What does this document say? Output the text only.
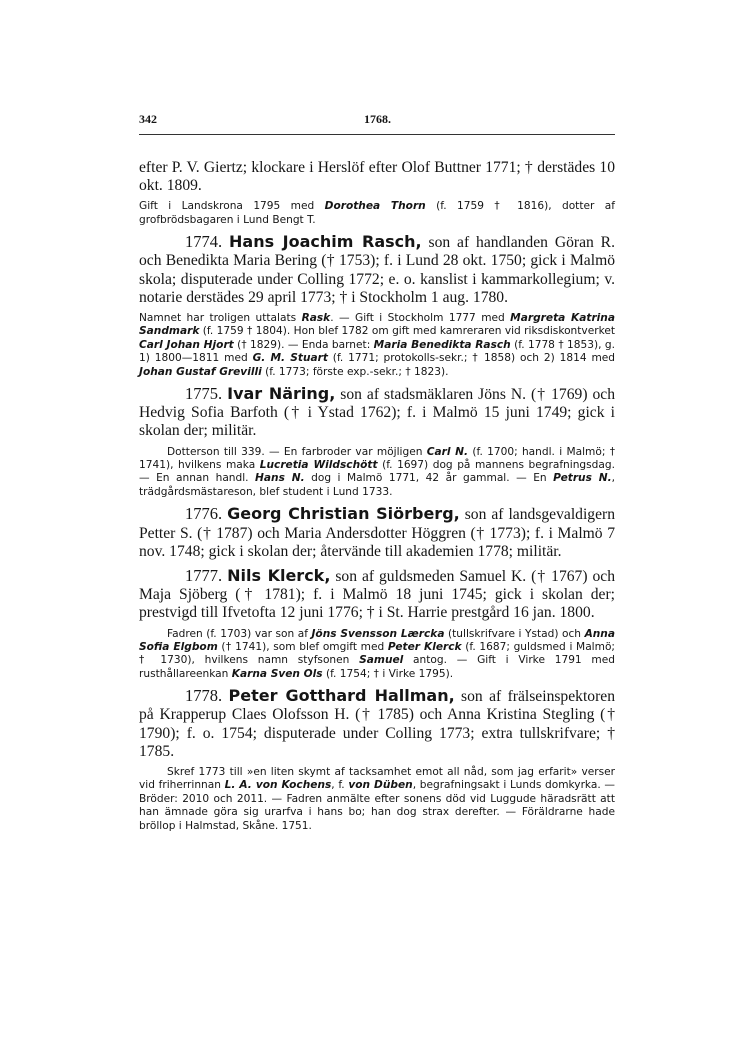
342	1768.

efter P. V. Giertz; klockare i Herslöf efter Olof Buttner 1771; † derstädes 10 okt. 1809.

Gift i Landskrona 1795 med Dorothea Thorn (f. 1759 † 1816), dotter af grofbrödsbagaren i Lund Bengt T.

1774. Hans Joachim Rasch, son af handlanden Göran R. och Benedikta Maria Bering († 1753); f. i Lund 28 okt. 1750; gick i Malmö skola; disputerade under Colling 1772; e. o. kanslist i kammarkollegium; v. notarie derstädes 29 april 1773; † i Stockholm 1 aug. 1780.

Namnet har troligen uttalats Rask. — Gift i Stockholm 1777 med Margreta Katrina Sandmark (f. 1759 † 1804). Hon blef 1782 om gift med kamreraren vid riksdiskontverket Carl Johan Hjort († 1829). — Enda barnet: Maria Benedikta Rasch (f. 1778 † 1853), g. 1) 1800—1811 med G. M. Stuart (f. 1771; protokolls-sekr.; † 1858) och 2) 1814 med Johan Gustaf Grevilli (f. 1773; förste exp.-sekr.; † 1823).

1775. Ivar Näring, son af stadsmäklaren Jöns N. († 1769) och Hedvig Sofia Barfoth († i Ystad 1762); f. i Malmö 15 juni 1749; gick i skolan der; militär.

Dotterson till 339. — En farbroder var möjligen Carl N. (f. 1700; handl. i Malmö; † 1741), hvilkens maka Lucretia Wildschött (f. 1697) dog på mannens begrafningsdag. — En annan handl. Hans N. dog i Malmö 1771, 42 år gammal. — En Petrus N., trädgårdsmästareson, blef student i Lund 1733.

1776. Georg Christian Siörberg, son af landsgevaldigern Petter S. († 1787) och Maria Andersdotter Höggren († 1773); f. i Malmö 7 nov. 1748; gick i skolan der; återvände till akademien 1778; militär.

1777. Nils Klerck, son af guldsmeden Samuel K. († 1767) och Maja Sjöberg († 1781); f. i Malmö 18 juni 1745; gick i skolan der; prestvigd till Ifvetofta 12 juni 1776; † i St. Harrie prestgård 16 jan. 1800.

Fadren (f. 1703) var son af Jöns Svensson Lærcka (tullskrifvare i Ystad) och Anna Sofia Elgbom († 1741), som blef omgift med Peter Klerck (f. 1687; guldsmed i Malmö; † 1730), hvilkens namn styfsonen Samuel antog. — Gift i Virke 1791 med rusthållareenkan Karna Sven Ols (f. 1754; † i Virke 1795).

1778. Peter Gotthard Hallman, son af frälseinspektoren på Krapperup Claes Olofsson H. († 1785) och Anna Kristina Stegling († 1790); f. o. 1754; disputerade under Colling 1773; extra tullskrifvare; † 1785.

Skref 1773 till »en liten skymt af tacksamhet emot all nåd, som jag erfarit» verser vid friherrinnan L. A. von Kochens, f. von Düben, begrafningsakt i Lunds domkyrka. — Bröder: 2010 och 2011. — Fadren anmälte efter sonens död vid Luggude häradsrätt att han ämnade göra sig urarfva i hans bo; han dog strax derefter. — Föräldrarne hade bröllop i Halmstad, Skåne. 1751.
